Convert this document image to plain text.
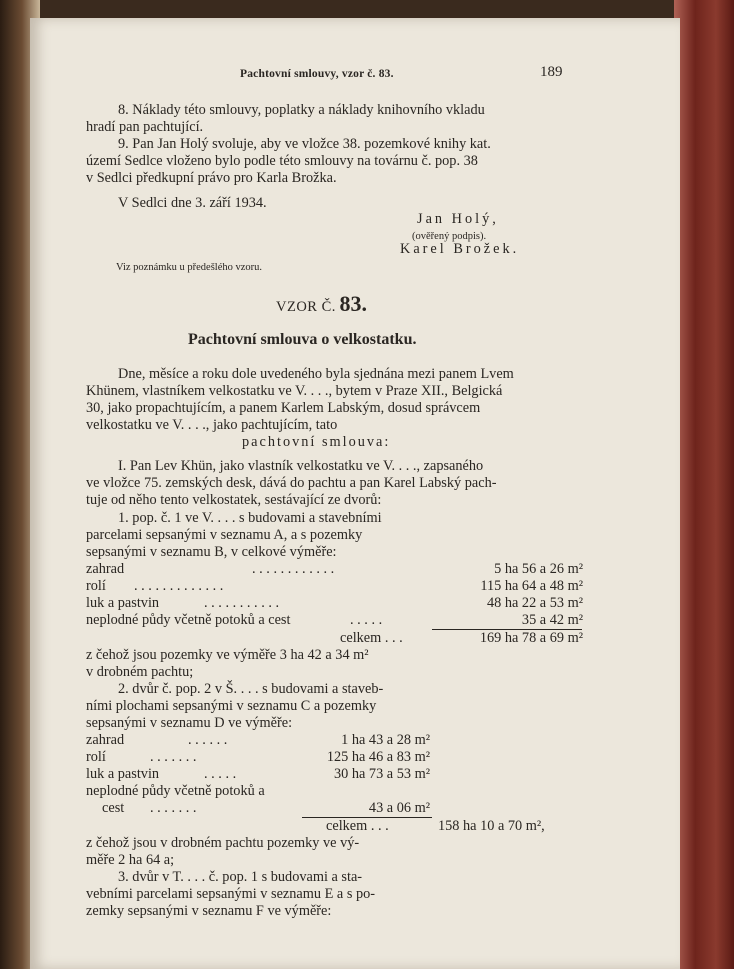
Pachtovní smlouvy, vzor č. 83.	189
8. Náklady této smlouvy, poplatky a náklady knihovního vkladu
hradí pan pachtující.
9. Pan Jan Holý svoluje, aby ve vložce 38. pozemkové knihy kat.
území Sedlce vloženo bylo podle této smlouvy na továrnu č. pop. 38
v Sedlci předkupní právo pro Karla Brožka.
V Sedlci dne 3. září 1934.
Jan Holý,
(ověřený podpis).
Karel Brožek.
Viz poznámku u předešlého vzoru.
VZOR Č. 83.
Pachtovní smlouva o velkostatku.
Dne, měsíce a roku dole uvedeného byla sjednána mezi panem Lvem
Khünem, vlastníkem velkostatku ve V. . . ., bytem v Praze XII., Belgická
30, jako propachtujícím, a panem Karlem Labským, dosud správcem
velkostatku ve V. . . ., jako pachtujícím, tato
pachtovní smlouva:
I. Pan Lev Khün, jako vlastník velkostatku ve V. . . ., zapsaného
ve vložce 75. zemských desk, dává do pachtu a pan Karel Labský pach-
tuje od něho tento velkostatek, sestávající ze dvorů:
1. pop. č. 1 ve V. . . . s budovami a stavebními
parcelami sepsanými v seznamu A, a s pozemky
sepsanými v seznamu B, v celkové výměře:
zahrad	. . . . . . . . . . . .	5 ha 56 a 26 m²
rolí . . . . . . . . . . . . .	115 ha 64 a 48 m²
luk a pastvin	. . . . . . . . . . .	48 ha 22 a 53 m²
neplodné půdy včetně potoků a cest	. . . . .	35 a 42 m²
celkem . . .	169 ha 78 a 69 m²
z čehož jsou pozemky ve výměře 3 ha 42 a 34 m²
v drobném pachtu;
2. dvůr č. pop. 2 v Š. . . . s budovami a staveb-
ními plochami sepsanými v seznamu C a pozemky
sepsanými v seznamu D ve výměře:
zahrad	. . . . . .	1 ha 43 a 28 m²
rolí	. . . . . . .	125 ha 46 a 83 m²
luk a pastvin	. . . . .	30 ha 73 a 53 m²
neplodné půdy včetně potoků a
cest . . . . . . .	43 a 06 m²
celkem . . .	158 ha 10 a 70 m²,
z čehož jsou v drobném pachtu pozemky ve vý-
měře 2 ha 64 a;
3. dvůr v T. . . . č. pop. 1 s budovami a sta-
vebními parcelami sepsanými v seznamu E a s po-
zemky sepsanými v seznamu F ve výměře:
